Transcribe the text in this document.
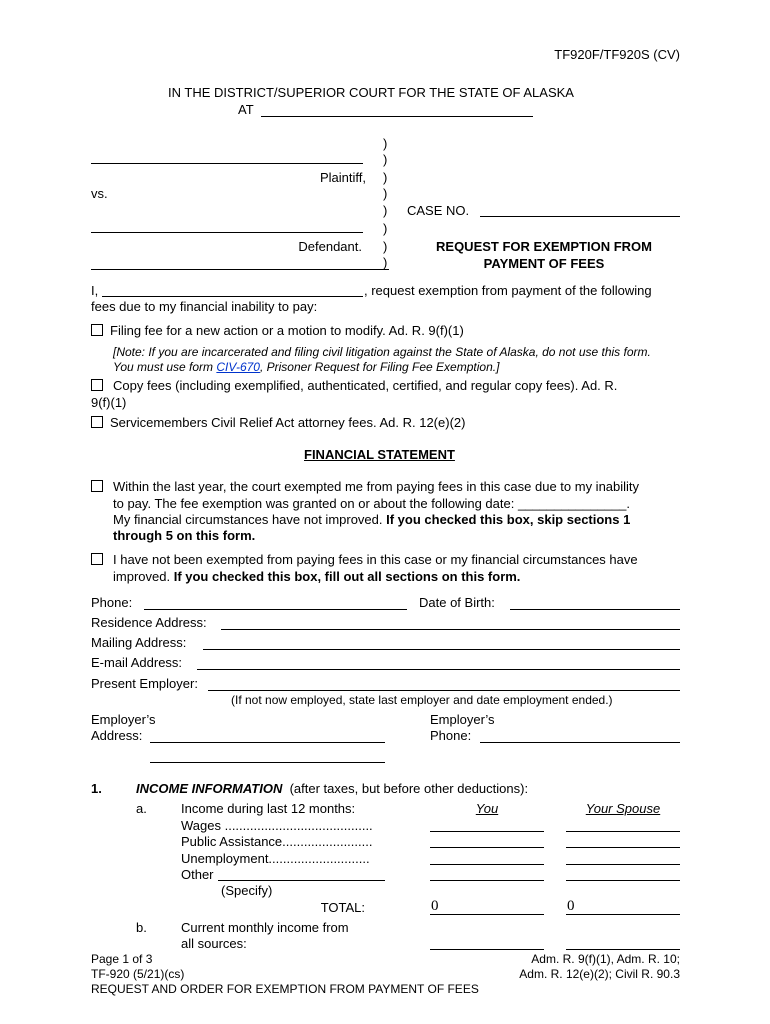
TF920F/TF920S (CV)
IN THE DISTRICT/SUPERIOR COURT FOR THE STATE OF ALASKA
AT
)
)
)
)
)
)
)
)
Plaintiff,
vs.
Defendant.
CASE NO.
REQUEST FOR EXEMPTION FROM
PAYMENT OF FEES
I,	, request exemption from payment of the following
fees due to my financial inability to pay:
Filing fee for a new action or a motion to modify. Ad. R. 9(f)(1)
[Note: If you are incarcerated and filing civil litigation against the State of Alaska, do not use this form.
You must use form CIV-670, Prisoner Request for Filing Fee Exemption.]
Copy fees (including exemplified, authenticated, certified, and regular copy fees). Ad. R.
9(f)(1)
Servicemembers Civil Relief Act attorney fees. Ad. R. 12(e)(2)
FINANCIAL STATEMENT
Within the last year, the court exempted me from paying fees in this case due to my inability
to pay. The fee exemption was granted on or about the following date: _______________.
My financial circumstances have not improved. If you checked this box, skip sections 1
through 5 on this form.
I have not been exempted from paying fees in this case or my financial circumstances have
improved. If you checked this box, fill out all sections on this form.
Phone:	Date of Birth:
Residence Address:
Mailing Address:
E-mail Address:
Present Employer:
(If not now employed, state last employer and date employment ended.)
Employer’s
Address:
Employer’s
Phone:
1.	INCOME INFORMATION (after taxes, but before other deductions):
a.	Income during last 12 months:	You	Your Spouse
Wages .........................................
Public Assistance.........................
Unemployment............................
Other
(Specify)
TOTAL:	0	0
b.	Current monthly income from
all sources:
Page 1 of 3
TF-920 (5/21)(cs)
REQUEST AND ORDER FOR EXEMPTION FROM PAYMENT OF FEES
Adm. R. 9(f)(1), Adm. R. 10;
Adm. R. 12(e)(2); Civil R. 90.3
